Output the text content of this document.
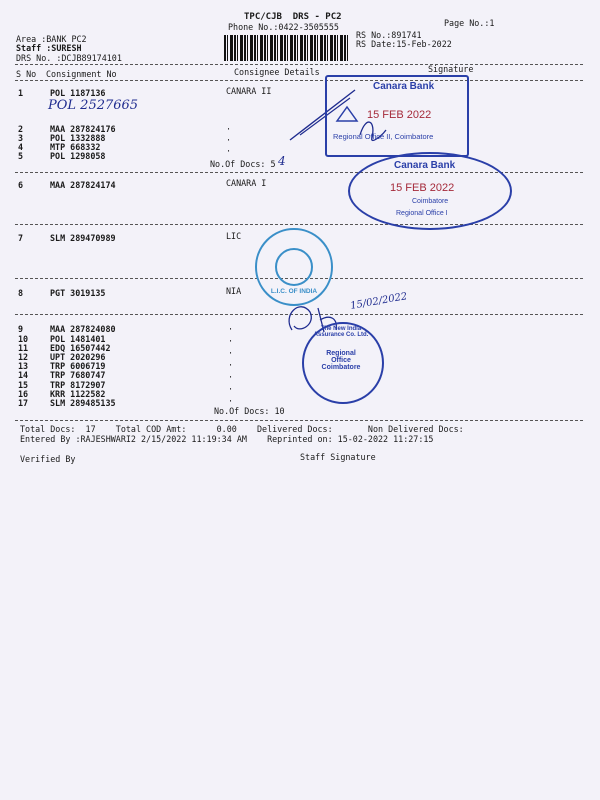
TPC/CJB  DRS - PC2
Phone No.:0422-3505555	Page No.:1
Area :BANK PC2
Staff :SURESH
DRS No. :DCJB89174101
RS No.:891741
RS Date:15-Feb-2022
S No Consignment No	Consignee Details	Signature
1	POL 1187136	CANARA II
POL 2527665
2	MAA 287824176
3	POL 1332888
4	MTP 668332
5	POL 1298058
·
·
·
No.Of Docs: 5 4
6	MAA 287824174	CANARA I
7	SLM 289470989	LIC
8	PGT 3019135	NIA
9	MAA 287824080
10	POL 1481401
11	EDQ 16507442
12	UPT 2020296
13	TRP 6006719
14	TRP 7680747
15	TRP 8172907
16	KRR 1122582
17	SLM 289485135
·
·
·
·
·
·
·
No.Of Docs: 10
Total Docs:  17    Total COD Amt:      0.00    Delivered Docs:       Non Delivered Docs:
Entered By :RAJESHWARI2 2/15/2022 11:19:34 AM    Reprinted on: 15-02-2022 11:27:15
Verified By	Staff Signature
Canara Bank
15 FEB 2022
Regional Office II, Coimbatore
Canara Bank
15 FEB 2022
Coimbatore
Regional Office I
L.I.C. OF INDIA	15/02/2022
The New India Assurance Co. Ltd.
Regional Office Coimbatore
